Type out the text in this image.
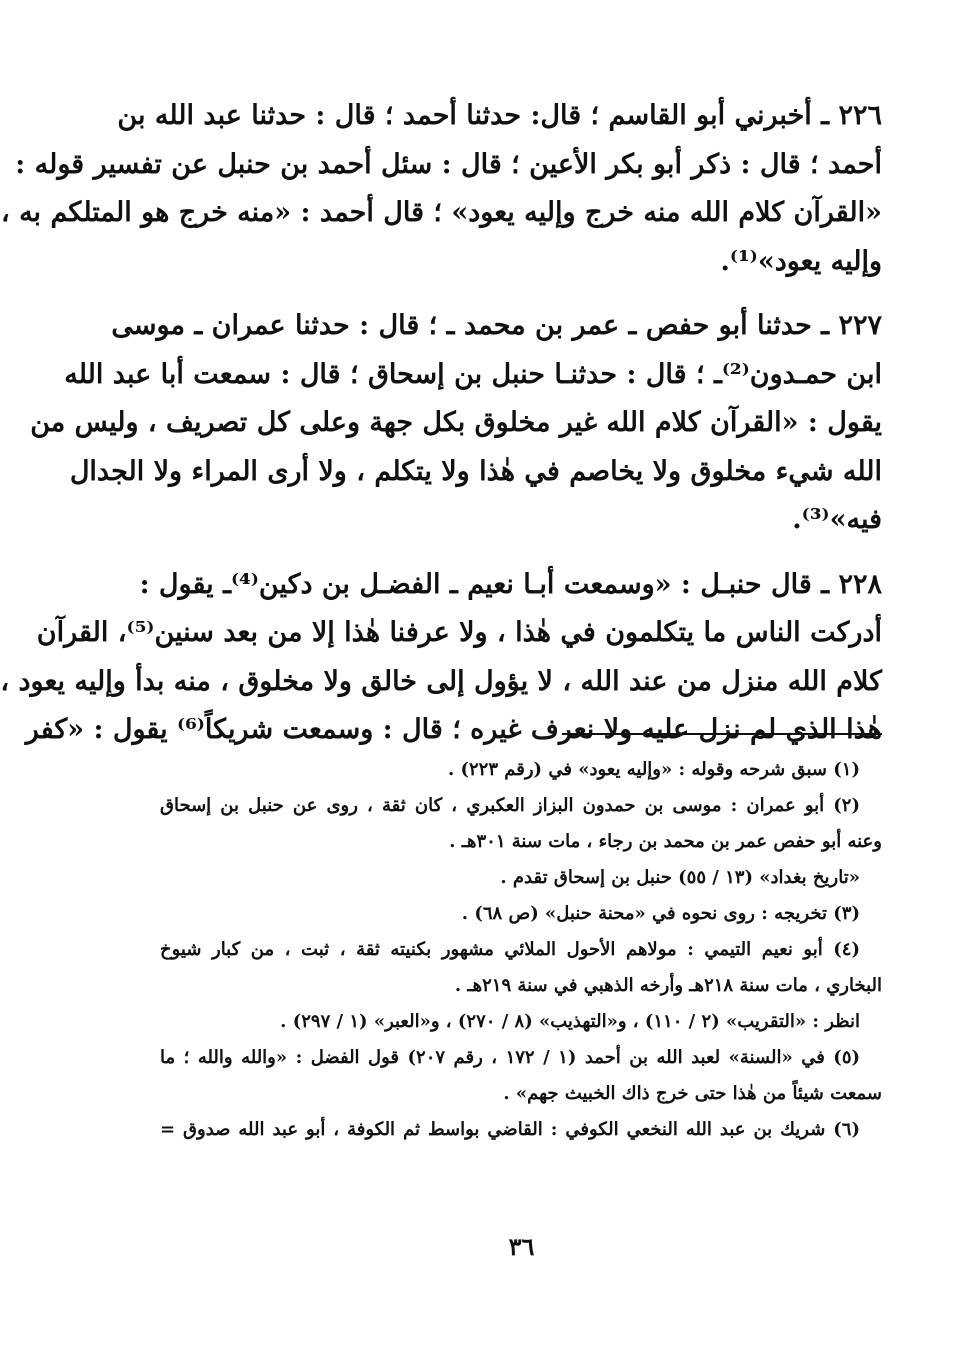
٢٢٦ ـ أخبرني أبو القاسم ؛ قال: حدثنا أحمد ؛ قال : حدثنا عبد الله بن
أحمد ؛ قال : ذكر أبو بكر الأعين ؛ قال : سئل أحمد بن حنبل عن تفسير قوله :
«القرآن كلام الله منه خرج وإليه يعود» ؛ قال أحمد : «منه خرج هو المتلكم به ،
وإليه يعود»⁽¹⁾.
٢٢٧ ـ حدثنا أبو حفص ـ عمر بن محمد ـ ؛ قال : حدثنا عمران ـ موسى
ابن حمـدون⁽²⁾ـ ؛ قال : حدثنـا حنبل بن إسحاق ؛ قال : سمعت أبا عبد الله
يقول : «القرآن كلام الله غير مخلوق بكل جهة وعلى كل تصريف ، وليس من
الله شيء مخلوق ولا يخاصم في هٰذا ولا يتكلم ، ولا أرى المراء ولا الجدال
فيه»⁽³⁾.
٢٢٨ ـ قال حنبـل : «وسمعت أبـا نعيم ـ الفضـل بن دكين⁽⁴⁾ـ يقول :
أدركت الناس ما يتكلمون في هٰذا ، ولا عرفنا هٰذا إلا من بعد سنين⁽⁵⁾، القرآن
كلام الله منزل من عند الله ، لا يؤول إلى خالق ولا مخلوق ، منه بدأ وإليه يعود ،
هٰذا الذي لم نزل عليه ولا نعرف غيره ؛ قال : وسمعت شريكاً⁽⁶⁾ يقول : «كفر
(١) سبق شرحه وقوله : «وإليه يعود» في (رقم ٢٢٣) .
(٢) أبو عمران : موسى بن حمدون البزاز العكبري ، كان ثقة ، روى عن حنبل بن إسحاق
وعنه أبو حفص عمر بن محمد بن رجاء ، مات سنة ٣٠١هـ .
«تاريخ بغداد» (١٣ / ٥٥) حنبل بن إسحاق تقدم .
(٣) تخريجه : روى نحوه في «محنة حنبل» (ص ٦٨) .
(٤) أبو نعيم التيمي : مولاهم الأحول الملائي مشهور بكنيته ثقة ، ثبت ، من كبار شيوخ
البخاري ، مات سنة ٢١٨هـ وأرخه الذهبي في سنة ٢١٩هـ .
انظر : «التقريب» (٢ / ١١٠) ، و«التهذيب» (٨ / ٢٧٠) ، و«العبر» (١ / ٢٩٧) .
(٥) في «السنة» لعبد الله بن أحمد (١ / ١٧٢ ، رقم ٢٠٧) قول الفضل : «والله والله ؛ ما
سمعت شيئاً من هٰذا حتى خرج ذاك الخبيث جهم» .
(٦) شريك بن عبد الله النخعي الكوفي : القاضي بواسط ثم الكوفة ، أبو عبد الله صدوق =
٣٦
